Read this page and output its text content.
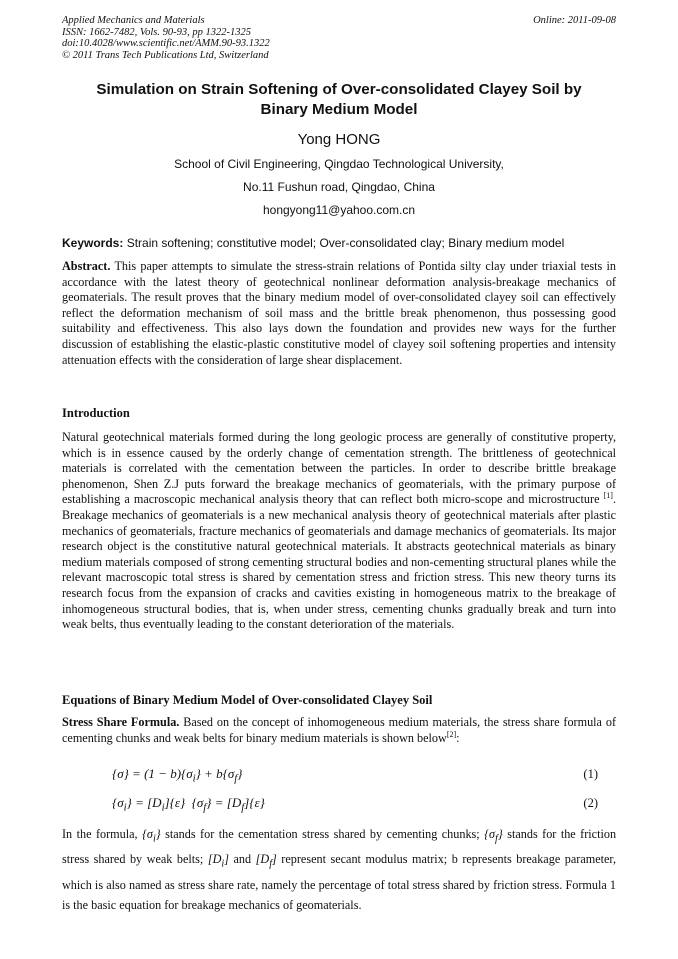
Applied Mechanics and Materials
ISSN: 1662-7482, Vols. 90-93, pp 1322-1325
doi:10.4028/www.scientific.net/AMM.90-93.1322
© 2011 Trans Tech Publications Ltd, Switzerland
Online: 2011-09-08
Simulation on Strain Softening of Over-consolidated Clayey Soil by
Binary Medium Model
Yong HONG
School of Civil Engineering, Qingdao Technological University,
No.11 Fushun road, Qingdao, China
hongyong11@yahoo.com.cn
Keywords: Strain softening; constitutive model; Over-consolidated clay; Binary medium model
Abstract. This paper attempts to simulate the stress-strain relations of Pontida silty clay under triaxial tests in accordance with the latest theory of geotechnical nonlinear deformation analysis-breakage mechanics of geomaterials. The result proves that the binary medium model of over-consolidated clayey soil can effectively reflect the deformation mechanism of soil mass and the brittle break phenomenon, thus possessing good suitability and effectiveness. This also lays down the foundation and provides new ways for the further discussion of establishing the elastic-plastic constitutive model of clayey soil softening properties and intensity attenuation effects with the consideration of large shear displacement.
Introduction
Natural geotechnical materials formed during the long geologic process are generally of constitutive property, which is in essence caused by the orderly change of cementation strength. The brittleness of geotechnical materials is correlated with the cementation between the particles. In order to describe brittle breakage phenomenon, Shen Z.J puts forward the breakage mechanics of geomaterials, with the primary purpose of establishing a macroscopic mechanical analysis theory that can reflect both micro-scope and microstructure [1]. Breakage mechanics of geomaterials is a new mechanical analysis theory of geotechnical materials after plastic mechanics of geomaterials, fracture mechanics of geomaterials and damage mechanics of geomaterials. Its major research object is the constitutive natural geotechnical materials. It abstracts geotechnical materials as binary medium materials composed of strong cementing structural bodies and non-cementing structural planes while the relevant macroscopic total stress is shared by cementation stress and friction stress. This new theory turns its research focus from the expansion of cracks and cavities existing in homogeneous matrix to the breakage of inhomogeneous structural bodies, that is, when under stress, cementing chunks gradually break and turn into weak belts, thus eventually leading to the constant deterioration of the materials.
Equations of Binary Medium Model of Over-consolidated Clayey Soil
Stress Share Formula. Based on the concept of inhomogeneous medium materials, the stress share formula of cementing chunks and weak belts for binary medium materials is shown below[2]:
$\{\sigma\} = (1 - b)\{\sigma_i\} + b\{\sigma_f\}$	(1)
$\{\sigma_i\} = [D_i]\{\varepsilon\} \{\sigma_f\} = [D_f]\{\varepsilon\}$	(2)
In the formula, $\{\sigma_i\}$ stands for the cementation stress shared by cementing chunks; $\{\sigma_f\}$ stands for the friction stress shared by weak belts; $[D_i]$ and $[D_f]$ represent secant modulus matrix; b represents breakage parameter, which is also named as stress share rate, namely the percentage of total stress shared by friction stress. Formula 1 is the basic equation for breakage mechanics of geomaterials.
